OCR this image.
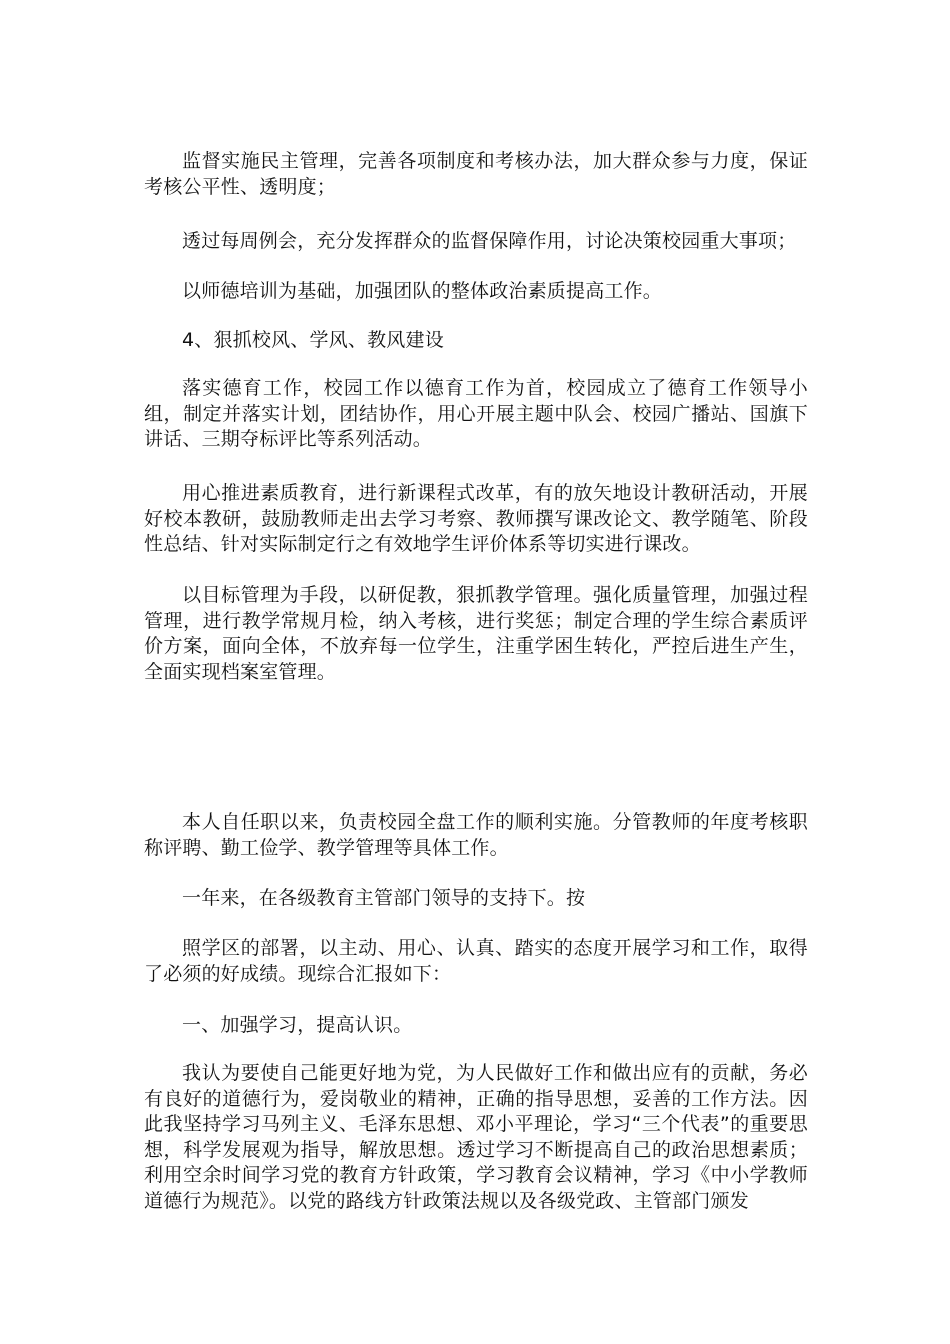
监督实施民主管理，完善各项制度和考核办法，加大群众参与力度，保证考核公平性、透明度；

透过每周例会，充分发挥群众的监督保障作用，讨论决策校园重大事项；

以师德培训为基础，加强团队的整体政治素质提高工作。

4、狠抓校风、学风、教风建设

落实德育工作，校园工作以德育工作为首，校园成立了德育工作领导小组，制定并落实计划，团结协作，用心开展主题中队会、校园广播站、国旗下讲话、三期夺标评比等系列活动。

用心推进素质教育，进行新课程式改革，有的放矢地设计教研活动，开展好校本教研，鼓励教师走出去学习考察、教师撰写课改论文、教学随笔、阶段性总结、针对实际制定行之有效地学生评价体系等切实进行课改。

以目标管理为手段，以研促教，狠抓教学管理。强化质量管理，加强过程管理，进行教学常规月检，纳入考核，进行奖惩；制定合理的学生综合素质评价方案，面向全体，不放弃每一位学生，注重学困生转化，严控后进生产生，全面实现档案室管理。

本人自任职以来，负责校园全盘工作的顺利实施。分管教师的年度考核职称评聘、勤工俭学、教学管理等具体工作。

一年来，在各级教育主管部门领导的支持下。按

照学区的部署，以主动、用心、认真、踏实的态度开展学习和工作，取得了必须的好成绩。现综合汇报如下：

一、加强学习，提高认识。

我认为要使自己能更好地为党，为人民做好工作和做出应有的贡献，务必有良好的道德行为，爱岗敬业的精神，正确的指导思想，妥善的工作方法。因此我坚持学习马列主义、毛泽东思想、邓小平理论，学习“三个代表”的重要思想，科学发展观为指导，解放思想。透过学习不断提高自己的政治思想素质；利用空余时间学习党的教育方针政策，学习教育会议精神，学习《中小学教师道德行为规范》。以党的路线方针政策法规以及各级党政、主管部门颁发
